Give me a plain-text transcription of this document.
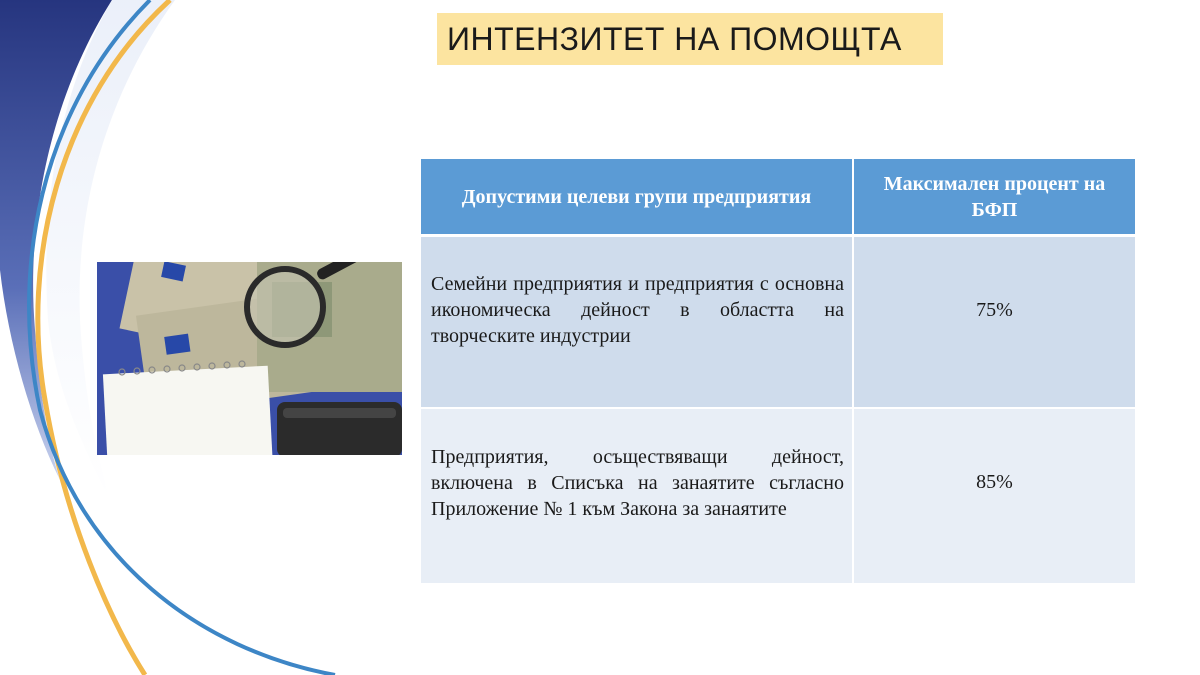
ИНТЕНЗИТЕТ НА ПОМОЩТА
Допустими целеви групи предприятия	Максимален процент на БФП
Семейни предприятия и предприятия с основна икономическа дейност в областта на творческите индустрии	75%
Предприятия, осъществяващи дейност, включена в Списъка на занаятите съгласно Приложение № 1 към Закона за занаятите	85%
